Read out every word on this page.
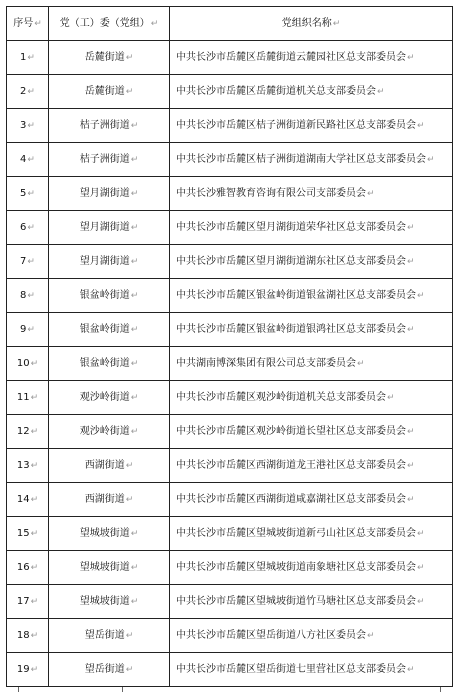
序号↵	党（工）委（党组）↵	党组织名称↵
1↵	岳麓街道↵	中共长沙市岳麓区岳麓街道云麓园社区总支部委员会↵
2↵	岳麓街道↵	中共长沙市岳麓区岳麓街道机关总支部委员会↵
3↵	桔子洲街道↵	中共长沙市岳麓区桔子洲街道新民路社区总支部委员会↵
4↵	桔子洲街道↵	中共长沙市岳麓区桔子洲街道湖南大学社区总支部委员会↵
5↵	望月湖街道↵	中共长沙雅智教育咨询有限公司支部委员会↵
6↵	望月湖街道↵	中共长沙市岳麓区望月湖街道荣华社区总支部委员会↵
7↵	望月湖街道↵	中共长沙市岳麓区望月湖街道湖东社区总支部委员会↵
8↵	银盆岭街道↵	中共长沙市岳麓区银盆岭街道银盆湖社区总支部委员会↵
9↵	银盆岭街道↵	中共长沙市岳麓区银盆岭街道银鸿社区总支部委员会↵
10↵	银盆岭街道↵	中共湖南博深集团有限公司总支部委员会↵
11↵	观沙岭街道↵	中共长沙市岳麓区观沙岭街道机关总支部委员会↵
12↵	观沙岭街道↵	中共长沙市岳麓区观沙岭街道长望社区总支部委员会↵
13↵	西湖街道↵	中共长沙市岳麓区西湖街道龙王港社区总支部委员会↵
14↵	西湖街道↵	中共长沙市岳麓区西湖街道咸嘉湖社区总支部委员会↵
15↵	望城坡街道↵	中共长沙市岳麓区望城坡街道新弓山社区总支部委员会↵
16↵	望城坡街道↵	中共长沙市岳麓区望城坡街道南象塘社区总支部委员会↵
17↵	望城坡街道↵	中共长沙市岳麓区望城坡街道竹马塘社区总支部委员会↵
18↵	望岳街道↵	中共长沙市岳麓区望岳街道八方社区委员会↵
19↵	望岳街道↵	中共长沙市岳麓区望岳街道七里营社区总支部委员会↵
